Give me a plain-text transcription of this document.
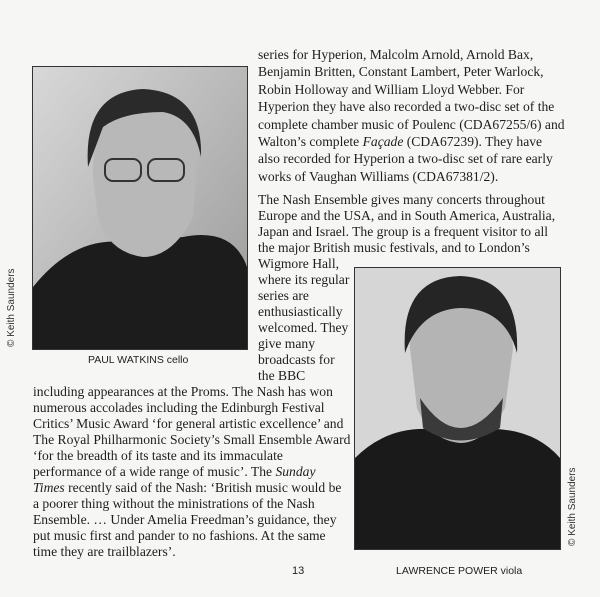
PAUL WATKINS cello
© Keith Saunders
LAWRENCE POWER viola
© Keith Saunders
series for Hyperion, Malcolm Arnold, Arnold Bax,
Benjamin Britten, Constant Lambert, Peter Warlock,
Robin Holloway and William Lloyd Webber. For
Hyperion they have also recorded a two-disc set of the
complete chamber music of Poulenc (CDA67255/6) and
Walton’s complete Façade (CDA67239). They have
also recorded for Hyperion a two-disc set of rare early
works of Vaughan Williams (CDA67381/2).
The Nash Ensemble gives many concerts throughout
Europe and the USA, and in South America, Australia,
Japan and Israel. The group is a frequent visitor to all
the major British music festivals, and to London’s
Wigmore Hall,
where its regular
series are
enthusiastically
welcomed. They
give many
broadcasts for
the BBC
including appearances at the Proms. The Nash has won
numerous accolades including the Edinburgh Festival
Critics’ Music Award ‘for general artistic excellence’ and
The Royal Philharmonic Society’s Small Ensemble Award
‘for the breadth of its taste and its immaculate
performance of a wide range of music’. The Sunday
Times recently said of the Nash: ‘British music would be
a poorer thing without the ministrations of the Nash
Ensemble. … Under Amelia Freedman’s guidance, they
put music first and pander to no fashions. At the same
time they are trailblazers’.
13
